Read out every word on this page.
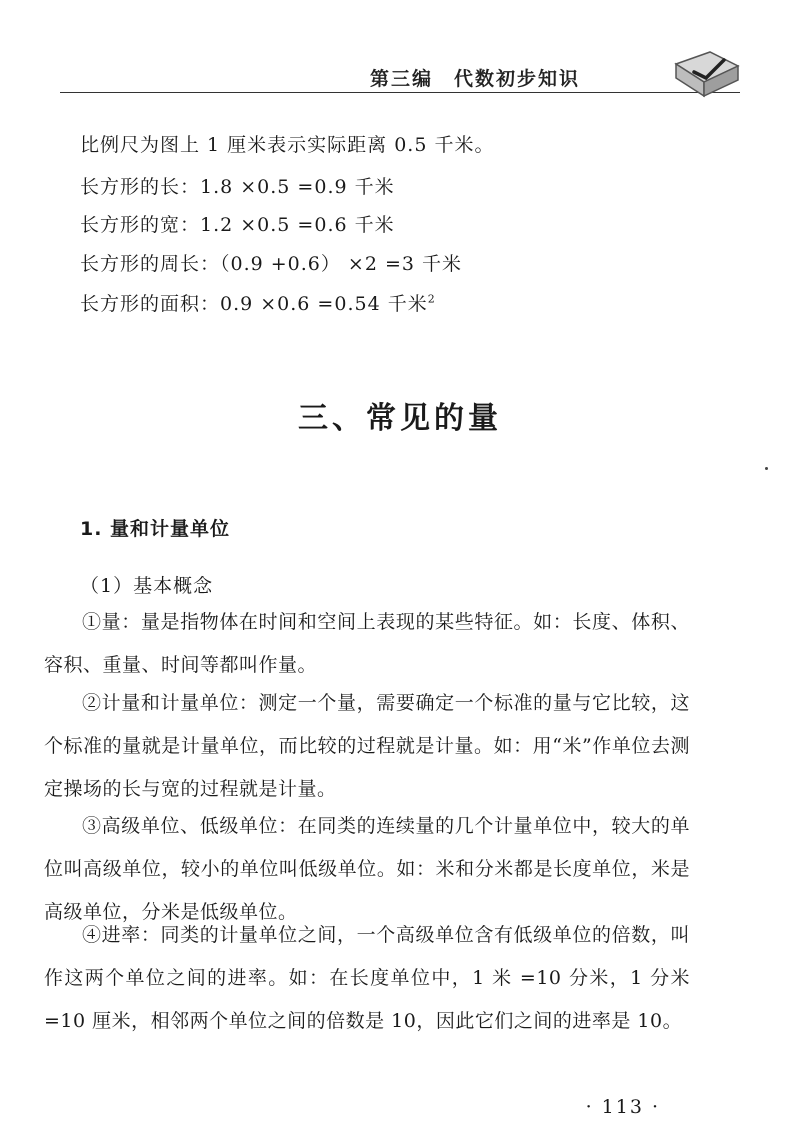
第三编　代数初步知识
比例尺为图上 1 厘米表示实际距离 0.5 千米。
长方形的长：1.8 ×0.5 =0.9 千米
长方形的宽：1.2 ×0.5 =0.6 千米
长方形的周长：（0.9 +0.6） ×2 =3 千米
长方形的面积：0.9 ×0.6 =0.54 千米$^2$
三、常见的量
1. 量和计量单位
（1）基本概念
①量：量是指物体在时间和空间上表现的某些特征。如：长度、体积、容积、重量、时间等都叫作量。
②计量和计量单位：测定一个量，需要确定一个标准的量与它比较，这个标准的量就是计量单位，而比较的过程就是计量。如：用“米”作单位去测定操场的长与宽的过程就是计量。
③高级单位、低级单位：在同类的连续量的几个计量单位中，较大的单位叫高级单位，较小的单位叫低级单位。如：米和分米都是长度单位，米是高级单位，分米是低级单位。
④进率：同类的计量单位之间，一个高级单位含有低级单位的倍数，叫作这两个单位之间的进率。如：在长度单位中，1 米 =10 分米，1 分米 =10 厘米，相邻两个单位之间的倍数是 10，因此它们之间的进率是 10。
· 113 ·
